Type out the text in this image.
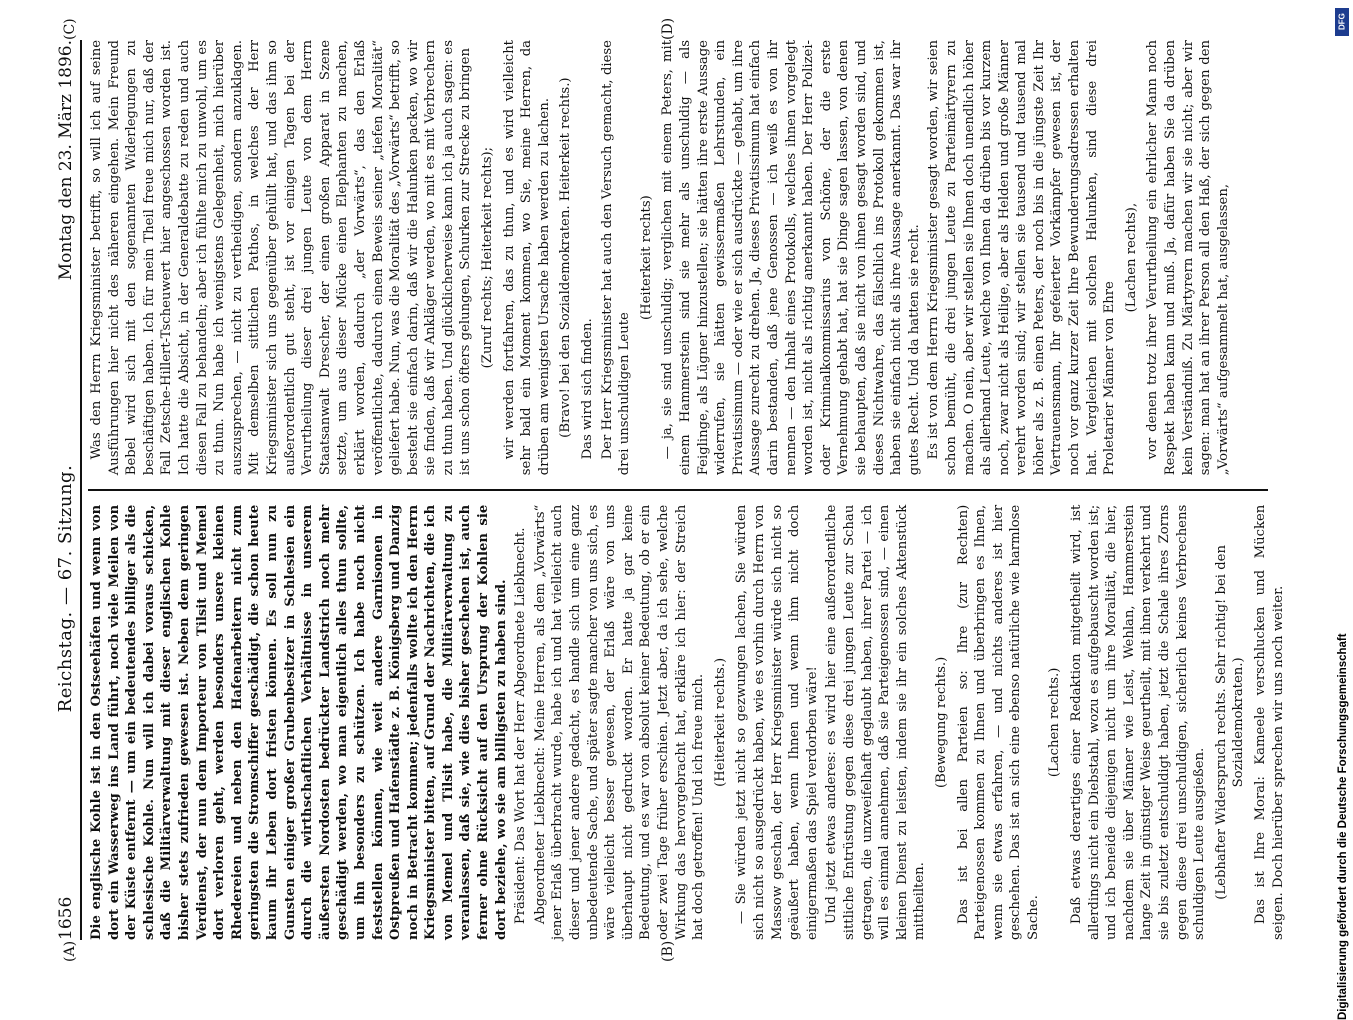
1656
Reichstag. — 67. Sitzung.
Montag den 23. März 1896.

Die englische Kohle ist in den Ostseehäfen und wenn von dort ein Wasserweg ins Land führt, noch viele Meilen von der Küste entfernt — um ein bedeutendes billiger als die schlesische Kohle. Nun will ich dabei voraus schicken, daß die Militärverwaltung mit dieser englischen Kohle bisher stets zufrieden gewesen ist. Neben dem geringen Verdienst, der nun dem Importeur von Tilsit und Memel dort verloren geht, werden besonders unsere kleinen Rhedereien und neben den Hafenarbeitern nicht zum geringsten die Stromschiffer geschädigt, die schon heute kaum ihr Leben dort fristen können. Es soll nun zu Gunsten einiger großer Grubenbesitzer in Schlesien ein durch die wirthschaftlichen Verhältnisse in unserem äußersten Nordosten bedrückter Landstrich noch mehr geschädigt werden, wo man eigentlich alles thun sollte, um ihn besonders zu schützen. Ich habe noch nicht feststellen können, wie weit andere Garnisonen in Ostpreußen und Hafenstädte z. B. Königsberg und Danzig noch in Betracht kommen; jedenfalls wollte ich den Herrn Kriegsminister bitten, auf Grund der Nachrichten, die ich von Memel und Tilsit habe, die Militärverwaltung zu veranlassen, daß sie, wie dies bisher geschehen ist, auch ferner ohne Rücksicht auf den Ursprung der Kohlen sie dort beziehe, wo sie am billigsten zu haben sind. Präsident: Das Wort hat der Herr Abgeordnete Liebknecht. Abgeordneter Liebknecht: Meine Herren, als dem „Vorwärts“ jener Erlaß überbracht wurde, habe ich und hat vielleicht auch dieser und jener andere gedacht, es handle sich um eine ganz unbedeutende Sache, und später sagte mancher von uns sich, es wäre vielleicht besser gewesen, der Erlaß wäre von uns überhaupt nicht gedruckt worden. Er hatte ja gar keine Bedeutung, und es war von absolut keiner Bedeutung, ob er ein oder zwei Tage früher erschien. Jetzt aber, da ich sehe, welche Wirkung das hervorgebracht hat, erkläre ich hier: der Streich hat doch getroffen! Und ich freue mich. (Heiterkeit rechts.) — Sie würden jetzt nicht so gezwungen lachen, Sie würden sich nicht so ausgedrückt haben, wie es vorhin durch Herrn von Massow geschah, der Herr Kriegsminister würde sich nicht so geäußert haben, wenn Ihnen und wenn ihm nicht doch einigermaßen das Spiel verdorben wäre! Und jetzt etwas anderes: es wird hier eine außerordentliche sittliche Entrüstung gegen diese drei jungen Leute zur Schau getragen, die unzweifelhaft geglaubt haben, ihrer Partei — ich will es einmal annehmen, daß sie Parteigenossen sind, — einen kleinen Dienst zu leisten, indem sie ihr ein solches Aktenstück mittheilten.

(Bewegung rechts.) Das ist bei allen Parteien so: Ihre (zur Rechten) Parteigenossen kommen zu Ihnen und überbringen es Ihnen, wenn sie etwas erfahren, — und nichts anderes ist hier geschehen. Das ist an sich eine ebenso natürliche wie harmlose Sache.

(Lachen rechts.) Daß etwas derartiges einer Redaktion mitgetheilt wird, ist allerdings nicht ein Diebstahl, wozu es aufgebauscht worden ist; und ich beneide diejenigen nicht um ihre Moralität, die hier, nachdem sie über Männer wie Leist, Wehlan, Hammerstein lange Zeit in günstiger Weise geurtheilt, mit ihnen verkehrt und sie bis zuletzt entschuldigt haben, jetzt die Schale ihres Zorns gegen diese drei unschuldigen, sicherlich keines Verbrechens schuldigen Leute ausgießen. (Lebhafter Widerspruch rechts. Sehr richtig! bei den Sozialdemokraten.) Das ist Ihre Moral: Kameele verschlucken und Mücken seigen. Doch hierüber sprechen wir uns noch weiter.

Was den Herrn Kriegsminister betrifft, so will ich auf seine Ausführungen hier nicht des näheren eingehen. Mein Freund Bebel wird sich mit den sogenannten Widerlegungen zu beschäftigen haben. Ich für mein Theil freue mich nur, daß der Fall Zetsche-Hillert-Tscheuwert hier angeschossen worden ist. Ich hatte die Absicht, in der Generaldebatte zu reden und auch diesen Fall zu behandeln; aber ich fühlte mich zu unwohl, um es zu thun. Nun habe ich wenigstens Gelegenheit, mich hierüber auszusprechen, — nicht zu vertheidigen, sondern anzuklagen. Mit demselben sittlichen Pathos, in welches der Herr Kriegsminister sich uns gegenüber gehüllt hat, und das ihm so außerordentlich gut steht, ist vor einigen Tagen bei der Verurtheilung dieser drei jungen Leute von dem Herrn Staatsanwalt Drescher, der einen großen Apparat in Szene setzte, um aus dieser Mücke einen Elephanten zu machen, erklärt worden, dadurch „der Vorwärts“, das den Erlaß veröffentlichte, dadurch einen Beweis seiner „tiefen Moralität“ geliefert habe. Nun, was die Moralität des „Vorwärts“ betrifft, so besteht sie einfach darin, daß wir die Halunken packen, wo wir sie finden, daß wir Ankläger werden, wo mit es mit Verbrechern zu thun haben. Und glücklicherweise kann ich ja auch sagen: es ist uns schon öfters gelungen, Schurken zur Strecke zu bringen (Zuruf rechts; Heiterkeit rechts); wir werden fortfahren, das zu thun, und es wird vielleicht sehr bald ein Moment kommen, wo Sie, meine Herren, da drüben am wenigsten Ursache haben werden zu lachen. (Bravo! bei den Sozialdemokraten. Heiterkeit rechts.) Das wird sich finden. Der Herr Kriegsminister hat auch den Versuch gemacht, diese drei unschuldigen Leute

(Heiterkeit rechts) — ja, sie sind unschuldig; verglichen mit einem Peters, mit einem Hammerstein sind sie mehr als unschuldig — als Feiglinge, als Lügner hinzustellen; sie hätten ihre erste Aussage widerrufen, sie hätten gewissermaßen Lehrstunden, ein Privatissimum — oder wie er sich ausdrückte — gehabt, um ihre Aussage zurecht zu drehen. Ja, dieses Privatissimum hat einfach darin bestanden, daß jene Genossen — ich weiß es von ihr nennen — den Inhalt eines Protokolls, welches ihnen vorgelegt worden ist, nicht als richtig anerkannt haben. Der Herr Polizei- oder Kriminalkommissarius von Schöne, der die erste Vernehmung gehabt hat, hat sie Dinge sagen lassen, von denen sie behaupten, daß sie nicht von ihnen gesagt worden sind, und dieses Nichtwahre, das fälschlich ins Protokoll gekommen ist, haben sie einfach nicht als ihre Aussage anerkannt. Das war ihr gutes Recht. Und da hatten sie recht. Es ist von dem Herrn Kriegsminister gesagt worden, wir seien schon bemüht, die drei jungen Leute zu Parteimärtyrern zu machen. O nein, aber wir stellen sie Ihnen doch unendlich höher als allerhand Leute, welche von Ihnen da drüben bis vor kurzem noch, zwar nicht als Heilige, aber als Helden und große Männer verehrt worden sind; wir stellen sie tausend und tausend mal höher als z. B. einen Peters, der noch bis in die jüngste Zeit Ihr Vertrauensmann, Ihr gefeierter Vorkämpfer gewesen ist, der noch vor ganz kurzer Zeit Ihre Bewunderungsadressen erhalten hat. Vergleichen mit solchen Halunken, sind diese drei Proletarier Männer von Ehre

(Lachen rechts), vor denen trotz ihrer Verurtheilung ein ehrlicher Mann noch Respekt haben kann und muß. Ja, dafür haben Sie da drüben kein Verständniß. Zu Märtyrern machen wir sie nicht; aber wir sagen: man hat an ihrer Person all den Haß, der sich gegen den „Vorwärts“ aufgesammelt hat, ausgelassen,

(A)	(B)
(C)	(D)	DFG
Digitalisierung gefördert durch die Deutsche Forschungsgemeinschaft
